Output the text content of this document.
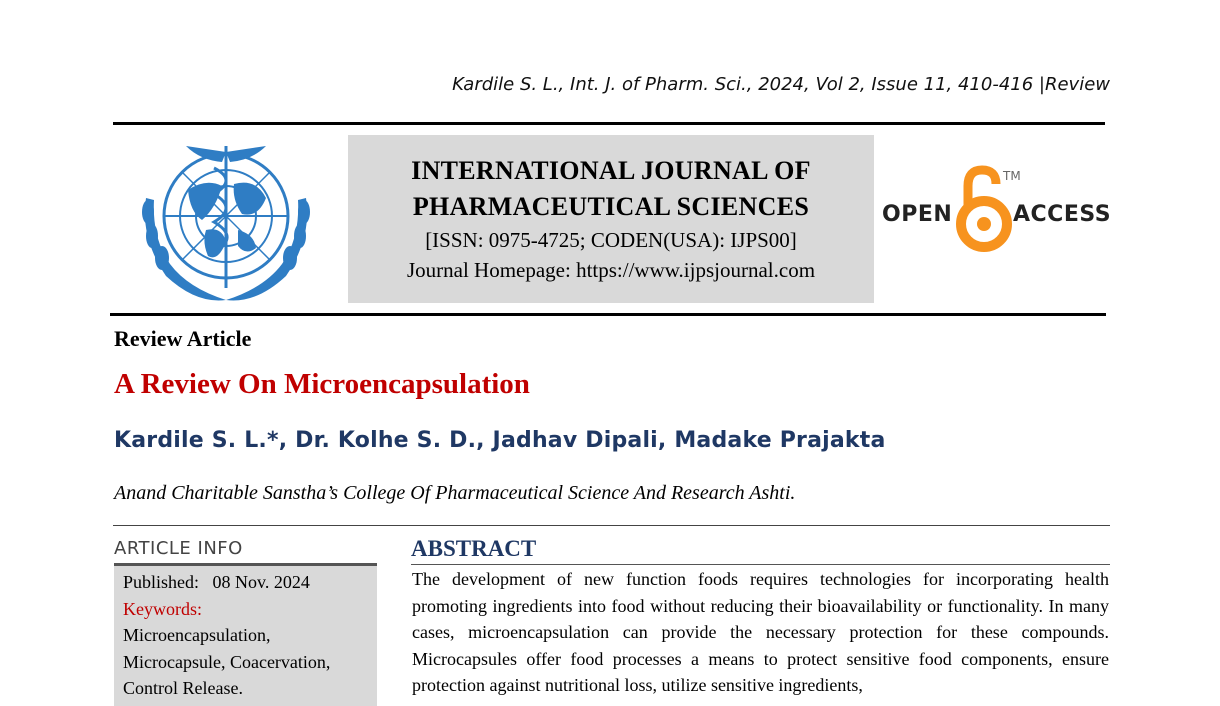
Kardile S. L., Int. J. of Pharm. Sci., 2024, Vol 2, Issue 11, 410-416 |Review
INTERNATIONAL JOURNAL OF
PHARMACEUTICAL SCIENCES
[ISSN: 0975-4725; CODEN(USA): IJPS00]
Journal Homepage: https://www.ijpsjournal.com
OPEN
TM
ACCESS
Review Article
A Review On Microencapsulation
Kardile S. L.*, Dr. Kolhe S. D., Jadhav Dipali, Madake Prajakta
Anand Charitable Sanstha’s College Of Pharmaceutical Science And Research Ashti.
ARTICLE INFO
Published: 08 Nov. 2024
Keywords:
Microencapsulation,
Microcapsule, Coacervation,
Control Release.
ABSTRACT
The development of new function foods requires technologies for incorporating health promoting ingredients into food without reducing their bioavailability or functionality. In many cases, microencapsulation can provide the necessary protection for these compounds. Microcapsules offer food processes a means to protect sensitive food components, ensure protection against nutritional loss, utilize sensitive ingredients,
